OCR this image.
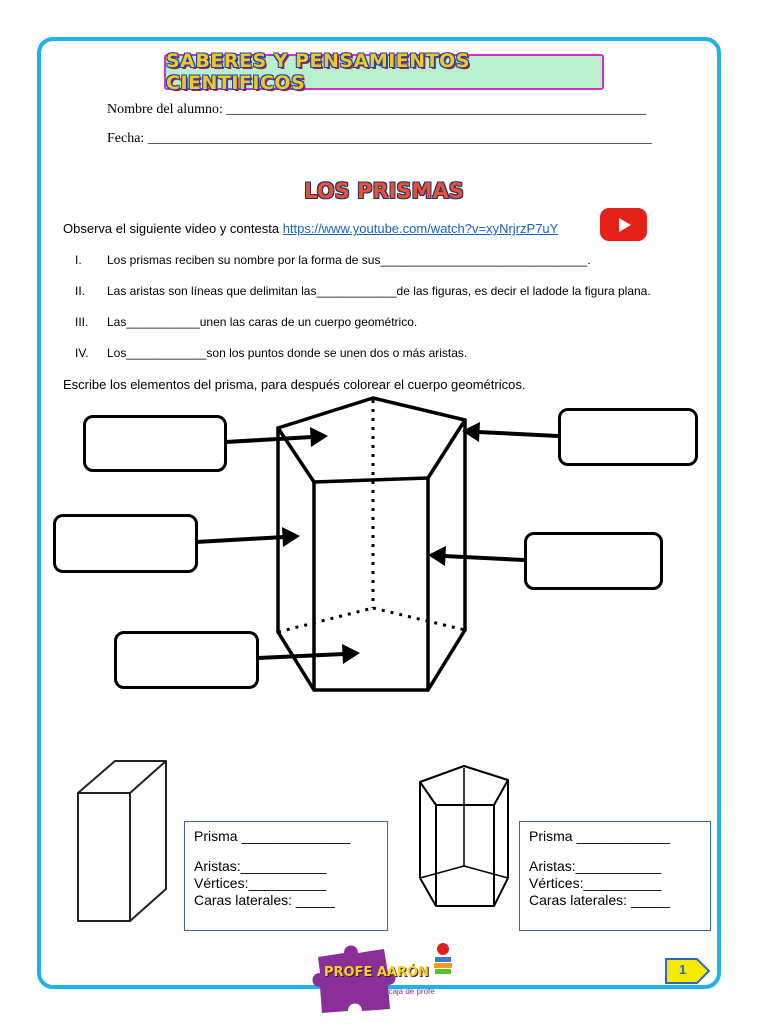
SABERES Y PENSAMIENTOS CIENTIFICOS
Nombre del alumno: ____________________________________________________________
Fecha: ________________________________________________________________________
LOS PRISMAS
Observa el siguiente video y contesta https://www.youtube.com/watch?v=xyNrjrzP7uY
I. Los prismas reciben su nombre por la forma de sus_______________________________.
II. Las aristas son líneas que delimitan las____________de las figuras, es decir el ladode la figura plana.
III. Las___________unen las caras de un cuerpo geométrico.
IV. Los____________son los puntos donde se unen dos o más aristas.
Escribe los elementos del prisma, para después colorear el cuerpo geométricos.
Prisma ______________
Aristas:___________
Vértices:__________
Caras laterales: _____
Prisma ____________
Aristas:___________
Vértices:__________
Caras laterales: _____
PROFE AARÓN
la caja de profe
1
